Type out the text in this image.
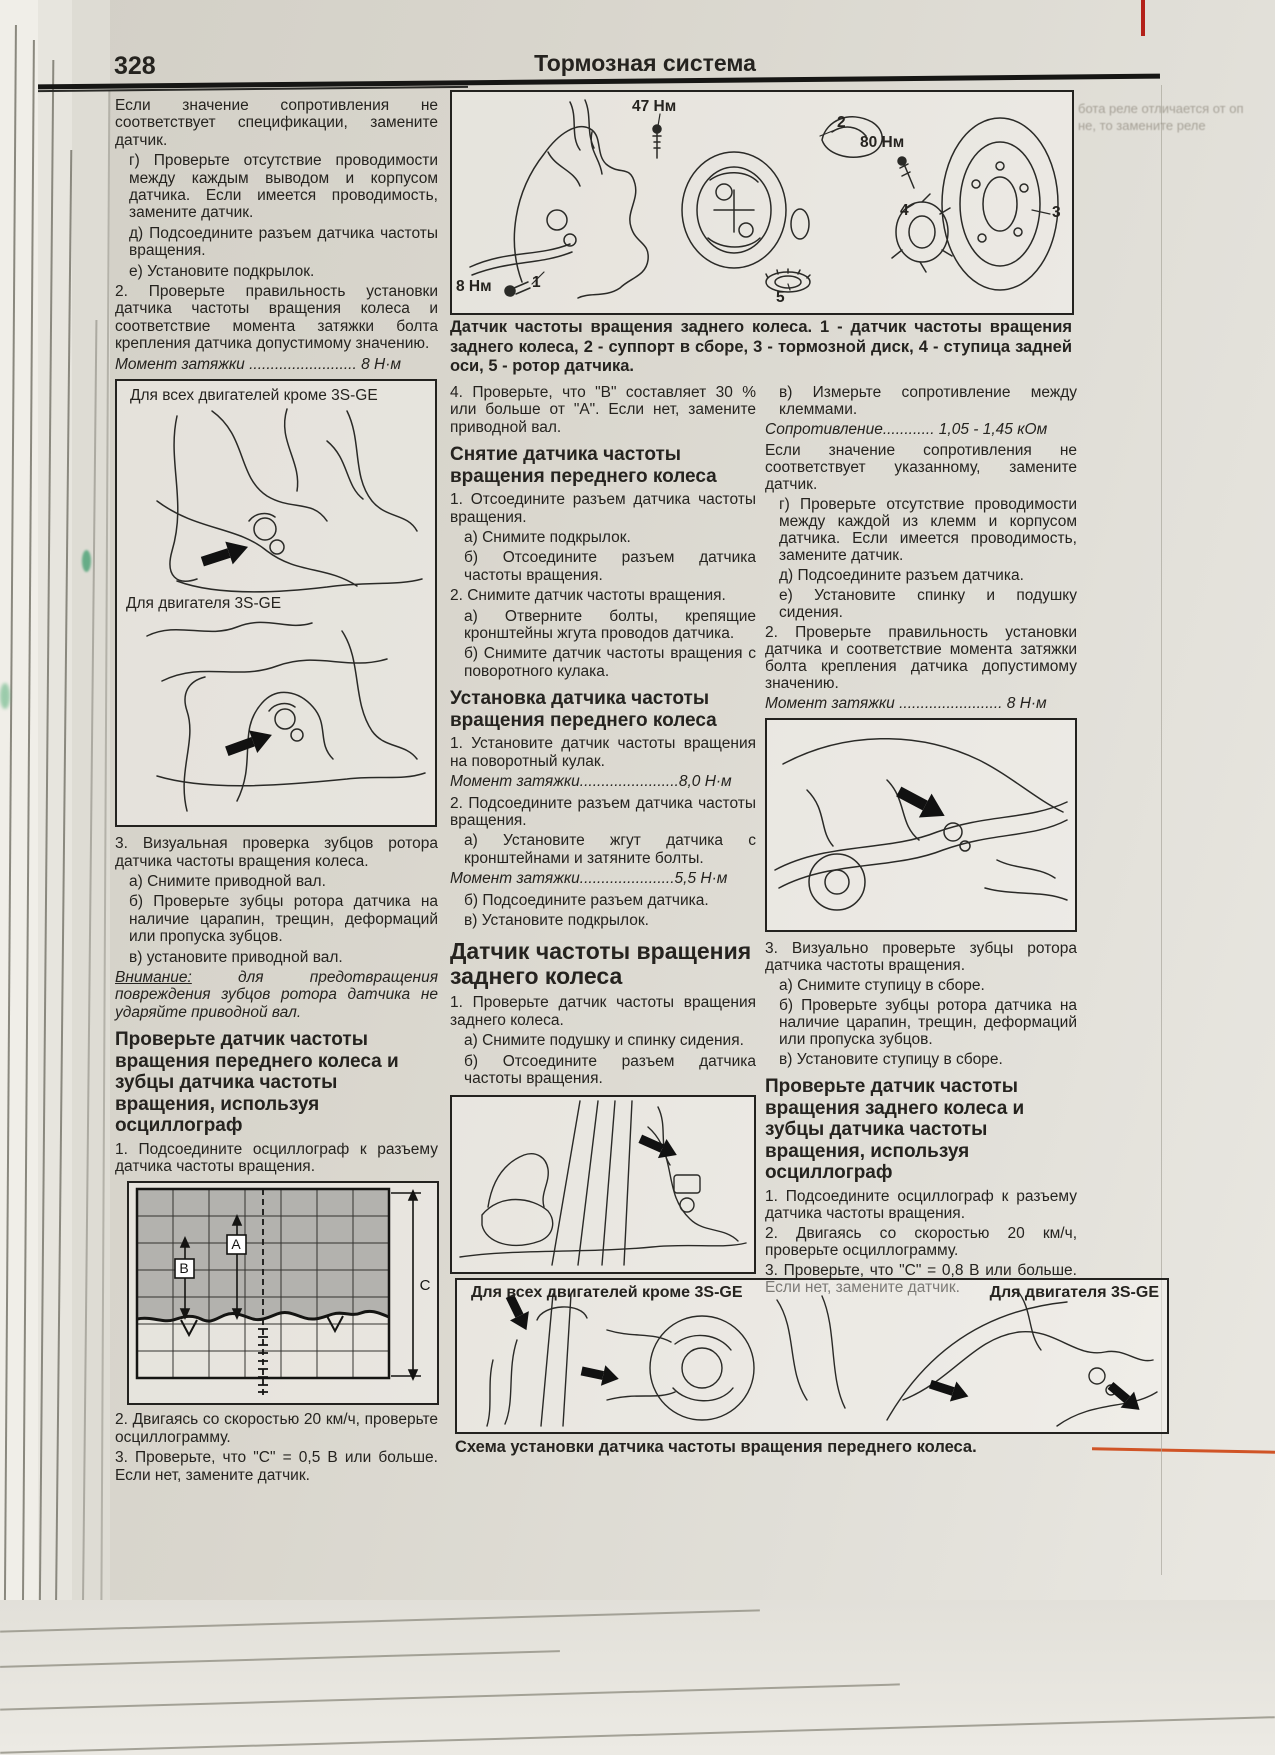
бота реле отличается от оп
не, то замените реле
328	Тормозная система
47 Нм
80 Нм
8 Нм
2
3
4
5
1
Датчик частоты вращения заднего колеса. 1 - датчик частоты вращения заднего колеса, 2 - суппорт в сборе, 3 - тормозной диск, 4 - ступица задней оси, 5 - ротор датчика.

Если значение сопротивления не соответствует спецификации, замените датчик.

г) Проверьте отсутствие проводимости между каждым выводом и корпусом датчика. Если имеется проводимость, замените датчик.

д) Подсоедините разъем датчика частоты вращения.

е) Установите подкрылок.

2. Проверьте правильность установки датчика частоты вращения колеса и соответствие момента затяжки болта крепления датчика допустимому значению.

Момент затяжки ......................... 8 Н·м

Для всех двигателей кроме 3S-GE
Для двигателя 3S-GE

3. Визуальная проверка зубцов ротора датчика частоты вращения колеса.

а) Снимите приводной вал.

б) Проверьте зубцы ротора датчика на наличие царапин, трещин, деформаций или пропуска зубцов.

в) установите приводной вал.

Внимание: для предотвращения повреждения зубцов ротора датчика не ударяйте приводной вал.

Проверьте датчик частоты вращения переднего колеса и зубцы датчика частоты вращения, используя осциллограф

1. Подсоедините осциллограф к разъему датчика частоты вращения.

A
B
C

2. Двигаясь со скоростью 20 км/ч, проверьте осциллограмму.

3. Проверьте, что "С" = 0,5 В или больше. Если нет, замените датчик.

4. Проверьте, что "В" составляет 30 % или больше от "А". Если нет, замените приводной вал.

Снятие датчика частоты вращения переднего колеса

1. Отсоедините разъем датчика частоты вращения.

а) Снимите подкрылок.

б) Отсоедините разъем датчика частоты вращения.

2. Снимите датчик частоты вращения.

а) Отверните болты, крепящие кронштейны жгута проводов датчика.

б) Снимите датчик частоты вращения с поворотного кулака.

Установка датчика частоты вращения переднего колеса

1. Установите датчик частоты вращения на поворотный кулак.

Момент затяжки.......................8,0 Н·м

2. Подсоедините разъем датчика частоты вращения.

а) Установите жгут датчика с кронштейнами и затяните болты.

Момент затяжки......................5,5 Н·м

б) Подсоедините разъем датчика.

в) Установите подкрылок.

Датчик частоты вращения заднего колеса

1. Проверьте датчик частоты вращения заднего колеса.

а) Снимите подушку и спинку сидения.

б) Отсоедините разъем датчика частоты вращения.

в) Измерьте сопротивление между клеммами.

Сопротивление............ 1,05 - 1,45 кОм

Если значение сопротивления не соответствует указанному, замените датчик.

г) Проверьте отсутствие проводимости между каждой из клемм и корпусом датчика. Если имеется проводимость, замените датчик.

д) Подсоедините разъем датчика.

е) Установите спинку и подушку сидения.

2. Проверьте правильность установки датчика и соответствие момента затяжки болта крепления датчика допустимому значению.

Момент затяжки ........................ 8 Н·м

3. Визуально проверьте зубцы ротора датчика частоты вращения.

а) Снимите ступицу в сборе.

б) Проверьте зубцы ротора датчика на наличие царапин, трещин, деформаций или пропуска зубцов.

в) Установите ступицу в сборе.

Проверьте датчик частоты вращения заднего колеса и зубцы датчика частоты вращения, используя осциллограф

1. Подсоедините осциллограф к разъему датчика частоты вращения.

2. Двигаясь со скоростью 20 км/ч, проверьте осциллограмму.

3. Проверьте, что "С" = 0,8 В или больше. Если нет, замените датчик.

Для всех двигателей кроме 3S-GE	Для двигателя 3S-GE
Схема установки датчика частоты вращения переднего колеса.
